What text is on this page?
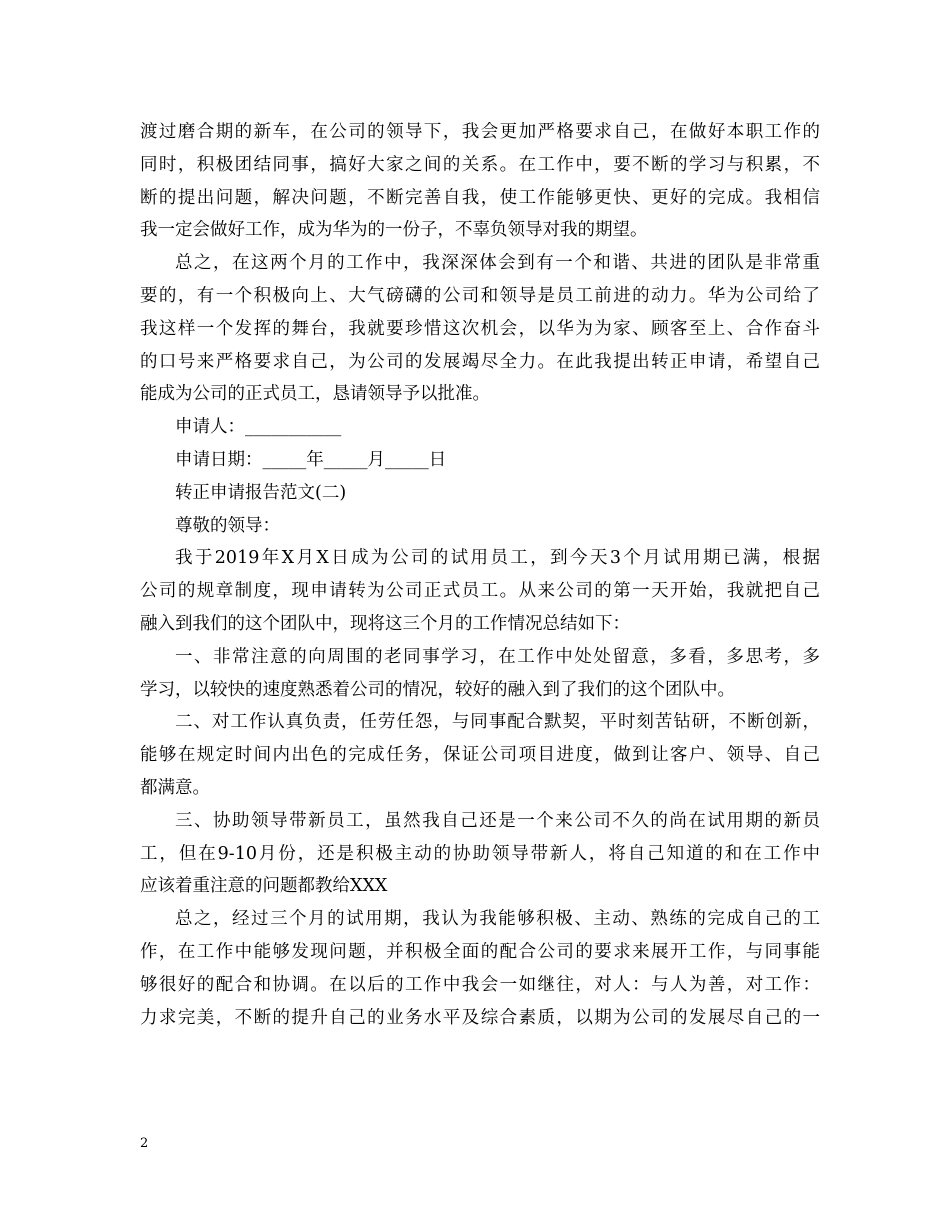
渡过磨合期的新车，在公司的领导下，我会更加严格要求自己，在做好本职工作的
同时，积极团结同事，搞好大家之间的关系。在工作中，要不断的学习与积累，不
断的提出问题，解决问题，不断完善自我，使工作能够更快、更好的完成。我相信
我一定会做好工作，成为华为的一份子，不辜负领导对我的期望。
总之，在这两个月的工作中，我深深体会到有一个和谐、共进的团队是非常重
要的，有一个积极向上、大气磅礴的公司和领导是员工前进的动力。华为公司给了
我这样一个发挥的舞台，我就要珍惜这次机会，以华为为家、顾客至上、合作奋斗
的口号来严格要求自己，为公司的发展竭尽全力。在此我提出转正申请，希望自己
能成为公司的正式员工，恳请领导予以批准。
申请人：___________
申请日期：_____年_____月_____日
转正申请报告范文(二)
尊敬的领导：
我于2019年X月X日成为公司的试用员工，到今天3个月试用期已满，根据
公司的规章制度，现申请转为公司正式员工。从来公司的第一天开始，我就把自己
融入到我们的这个团队中，现将这三个月的工作情况总结如下：
一、非常注意的向周围的老同事学习，在工作中处处留意，多看，多思考，多
学习，以较快的速度熟悉着公司的情况，较好的融入到了我们的这个团队中。
二、对工作认真负责，任劳任怨，与同事配合默契，平时刻苦钻研，不断创新，
能够在规定时间内出色的完成任务，保证公司项目进度，做到让客户、领导、自己
都满意。
三、协助领导带新员工，虽然我自己还是一个来公司不久的尚在试用期的新员
工，但在9-10月份，还是积极主动的协助领导带新人，将自己知道的和在工作中
应该着重注意的问题都教给XXX
总之，经过三个月的试用期，我认为我能够积极、主动、熟练的完成自己的工
作，在工作中能够发现问题，并积极全面的配合公司的要求来展开工作，与同事能
够很好的配合和协调。在以后的工作中我会一如继往，对人：与人为善，对工作：
力求完美，不断的提升自己的业务水平及综合素质，以期为公司的发展尽自己的一
2
